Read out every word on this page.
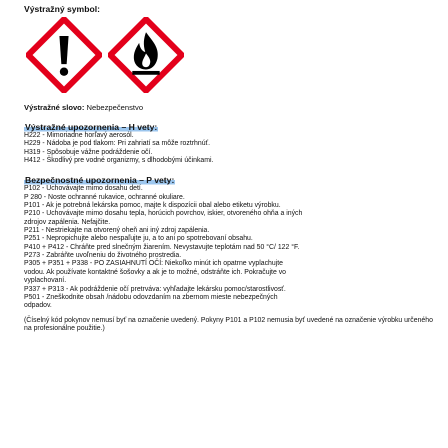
Výstražný symbol:
Výstražné slovo: Nebezpečenstvo
Výstražné upozornenia – H vety:
H222 - Mimoriadne horľavý aerosól.
H229 - Nádoba je pod tlakom: Pri zahriatí sa môže roztrhnúť.
H319 - Spôsobuje vážne podráždenie očí.
H412 - Škodlivý pre vodné organizmy, s dlhodobými účinkami.
Bezpečnostné upozornenia – P vety:
P102 - Uchovávajte mimo dosahu detí.
P 280 - Noste ochranné rukavice, ochranné okuliare.
P101 - Ak je potrebná lekárska pomoc, majte k dispozícii obal alebo etiketu výrobku.
P210 - Uchovávajte mimo dosahu tepla, horúcich povrchov, iskier, otvoreného ohňa a iných
zdrojov zapálenia. Nefajčite.
P211 - Nestriekajte na otvorený oheň ani iný zdroj zapálenia.
P251 - Nepropichujte alebo nespaľujte ju, a to ani po spotrebovaní obsahu.
P410 + P412 - Chráňte pred slnečným žiarením. Nevystavujte teplotám nad 50 °C/ 122 °F.
P273 - Zabráňte uvoľneniu do životného prostredia.
P305 + P351 + P338 - PO ZASIAHNUTÍ OČÍ: Niekoľko minút ich opatrne vyplachujte
vodou. Ak používate kontaktné šošovky a ak je to možné, odstráňte ich. Pokračujte vo
vyplachovaní.
P337 + P313 - Ak podráždenie očí pretrváva: vyhľadajte lekársku pomoc/starostlivosť.
P501 - Zneškodnite obsah /nádobu odovzdaním na zbernom mieste nebezpečných
odpadov.
(Číselný kód pokynov nemusí byť na označenie uvedený. Pokyny P101 a P102 nemusia byť uvedené na označenie výrobku určeného na profesionálne použitie.)
